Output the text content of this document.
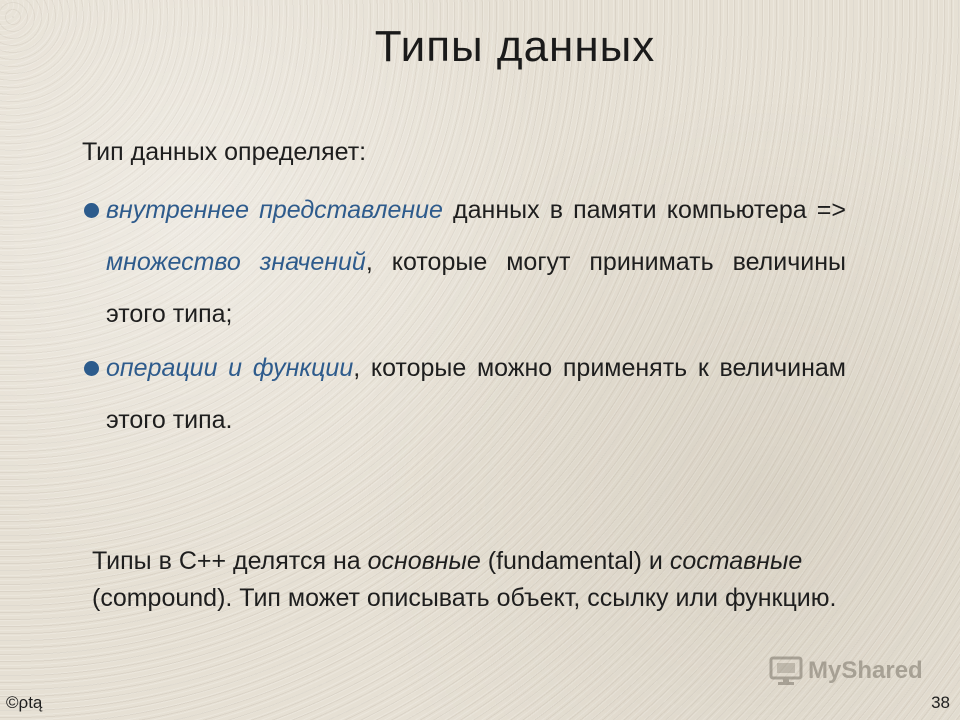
Типы данных
Тип данных определяет:
внутреннее представление данных в памяти компьютера => множество значений, которые могут принимать величины этого типа;
операции и функции, которые можно применять к величинам этого типа.
Типы в С++ делятся на основные (fundamental) и составные (compound). Тип может описывать объект, ссылку или функцию.
©ρtą	38
MyShared
